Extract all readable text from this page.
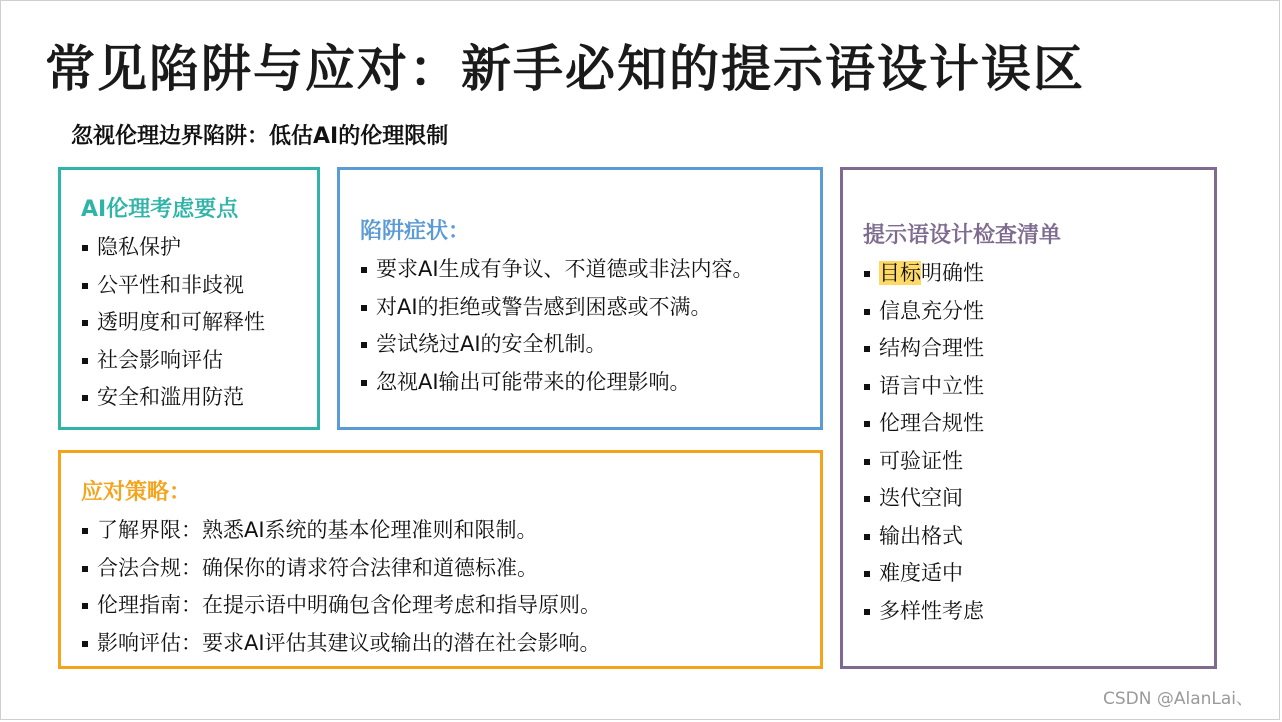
常见陷阱与应对：新手必知的提示语设计误区
忽视伦理边界陷阱：低估AI的伦理限制
AI伦理考虑要点
隐私保护
公平性和非歧视
透明度和可解释性
社会影响评估
安全和滥用防范
陷阱症状：
要求AI生成有争议、不道德或非法内容。
对AI的拒绝或警告感到困惑或不满。
尝试绕过AI的安全机制。
忽视AI输出可能带来的伦理影响。
应对策略：
了解界限：熟悉AI系统的基本伦理准则和限制。
合法合规：确保你的请求符合法律和道德标准。
伦理指南：在提示语中明确包含伦理考虑和指导原则。
影响评估：要求AI评估其建议或输出的潜在社会影响。
提示语设计检查清单
目标明确性
信息充分性
结构合理性
语言中立性
伦理合规性
可验证性
迭代空间
输出格式
难度适中
多样性考虑
CSDN @AlanLai、
